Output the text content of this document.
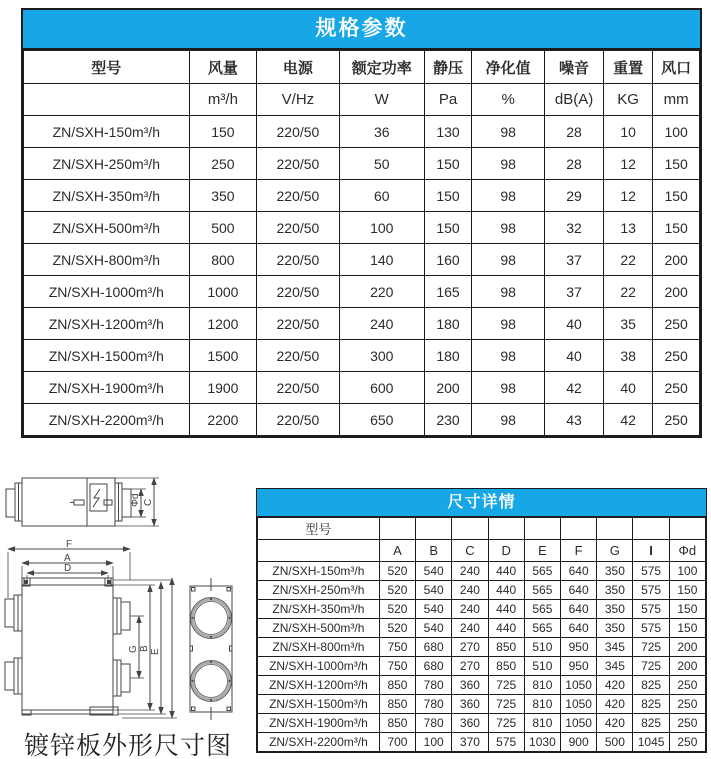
规格参数
型号	风量	电源	额定功率	静压	净化值	噪音	重置	风口
	m³/h	V/Hz	W	Pa	%	dB(A)	KG	mm
ZN/SXH-150m³/h	150	220/50	36	130	98	28	10	100
ZN/SXH-250m³/h	250	220/50	50	150	98	28	12	150
ZN/SXH-350m³/h	350	220/50	60	150	98	29	12	150
ZN/SXH-500m³/h	500	220/50	100	150	98	32	13	150
ZN/SXH-800m³/h	800	220/50	140	160	98	37	22	200
ZN/SXH-1000m³/h	1000	220/50	220	165	98	37	22	200
ZN/SXH-1200m³/h	1200	220/50	240	180	98	40	35	250
ZN/SXH-1500m³/h	1500	220/50	300	180	98	40	38	250
ZN/SXH-1900m³/h	1900	220/50	600	200	98	42	40	250
ZN/SXH-2200m³/h	2200	220/50	650	230	98	43	42	250
Φd C
F
A
D
G B E
镀锌板外形尺寸图
尺寸详情
型号									
	A	B	C	D	E	F	G	I	Φd
ZN/SXH-150m³/h	520	540	240	440	565	640	350	575	100
ZN/SXH-250m³/h	520	540	240	440	565	640	350	575	150
ZN/SXH-350m³/h	520	540	240	440	565	640	350	575	150
ZN/SXH-500m³/h	520	540	240	440	565	640	350	575	150
ZN/SXH-800m³/h	750	680	270	850	510	950	345	725	200
ZN/SXH-1000m³/h	750	680	270	850	510	950	345	725	200
ZN/SXH-1200m³/h	850	780	360	725	810	1050	420	825	250
ZN/SXH-1500m³/h	850	780	360	725	810	1050	420	825	250
ZN/SXH-1900m³/h	850	780	360	725	810	1050	420	825	250
ZN/SXH-2200m³/h	700	100	370	575	1030	900	500	1045	250
